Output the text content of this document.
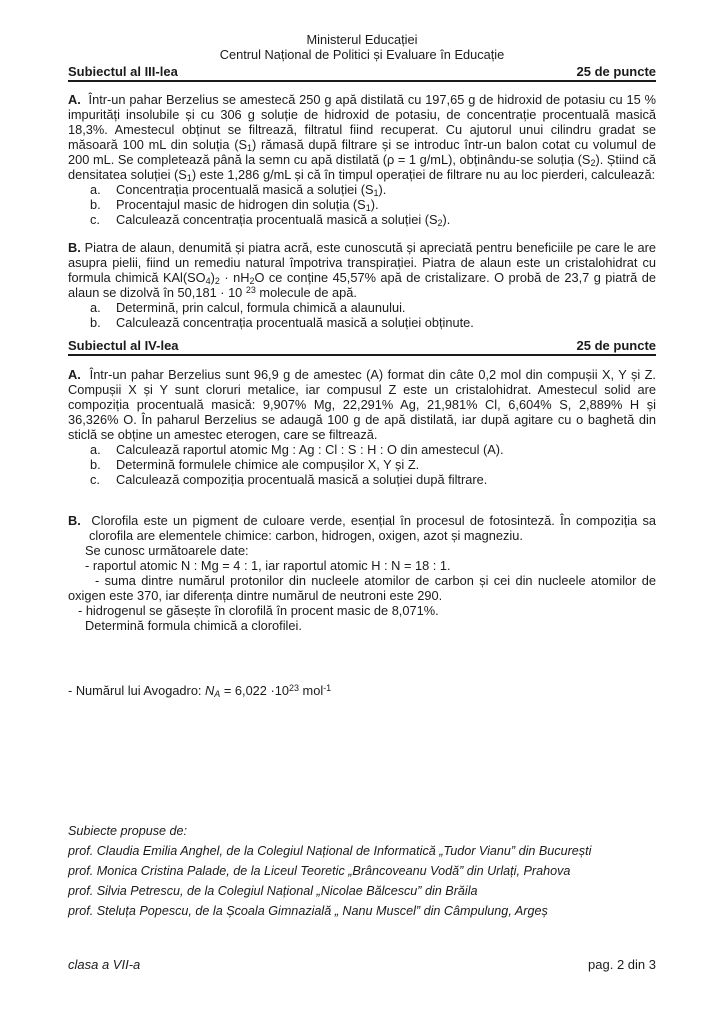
Ministerul Educației
Centrul Național de Politici și Evaluare în Educație
Subiectul al III-lea	25 de puncte

A.  Într-un pahar Berzelius se amestecă 250 g apă distilată cu 197,65 g de hidroxid de potasiu cu 15 % impurități insolubile și cu 306 g soluție de hidroxid de potasiu, de concentrație procentuală masică 18,3%. Amestecul obținut se filtrează, filtratul fiind recuperat. Cu ajutorul unui cilindru gradat se măsoară 100 mL din soluția $(S_1)$ rămasă după filtrare și se introduc într-un balon cotat cu volumul de 200 mL. Se completează până la semn cu apă distilată (ρ = 1 g/mL), obținându-se soluția $(S_2)$. Știind că densitatea soluției $(S_1)$ este 1,286 g/mL și că în timpul operației de filtrare nu au loc pierderi, calculează:

a.	Concentrația procentuală masică a soluției $(S_1)$.
b.	Procentajul masic de hidrogen din soluția $(S_1)$.
c.	Calculează concentrația procentuală masică a soluției $(S_2)$.

B. Piatra de alaun, denumită și piatra acră, este cunoscută și apreciată pentru beneficiile pe care le are asupra pielii, fiind un remediu natural împotriva transpirației. Piatra de alaun este un cristalohidrat cu formula chimică $KAl(SO_4)_2 \cdot nH_2O$ ce conține 45,57% apă de cristalizare. O probă de 23,7 g piatră de alaun se dizolvă în 50,181 · 10 $^{23}$ molecule de apă.

a.	Determină, prin calcul, formula chimică a alaunului.
b.	Calculează concentrația procentuală masică a soluției obținute.
Subiectul al IV-lea	25 de puncte

A.  Într-un pahar Berzelius sunt 96,9 g de amestec (A) format din câte 0,2 mol din compușii X, Y și Z. Compușii X și Y sunt cloruri metalice, iar compusul Z este un cristalohidrat. Amestecul solid are compoziția procentuală masică: 9,907% Mg, 22,291% Ag, 21,981% Cl, 6,604% S, 2,889% H și 36,326% O. În paharul Berzelius se adaugă 100 g de apă distilată, iar după agitare cu o baghetă din sticlă se obține un amestec eterogen, care se filtrează.

a.	Calculează raportul atomic Mg : Ag : Cl : S : H : O din amestecul (A).
b.	Determină formulele chimice ale compușilor X, Y și Z.
c.	Calculează compoziția procentuală masică a soluției după filtrare.

B.  Clorofila este un pigment de culoare verde, esențial în procesul de fotosinteză. În compoziția sa clorofila are elementele chimice: carbon, hidrogen, oxigen, azot și magneziu.

Se cunosc următoarele date:
- raportul atomic N : Mg = 4 : 1, iar raportul atomic H : N = 18 : 1.
- suma dintre numărul protonilor din nucleele atomilor de carbon și cei din nucleele atomilor de oxigen este 370, iar diferența dintre numărul de neutroni este 290.
- hidrogenul se găsește în clorofilă în procent masic de 8,071%.
Determină formula chimică a clorofilei.
- Numărul lui Avogadro: $N_A = 6,022 \cdot 10^{23}$ mol$^{-1}$
Subiecte propuse de:
prof. Claudia Emilia Anghel, de la Colegiul Național de Informatică „Tudor Vianu” din București
prof. Monica Cristina Palade, de la Liceul Teoretic „Brâncoveanu Vodă” din Urlați, Prahova
prof. Silvia Petrescu, de la Colegiul Național „Nicolae Bălcescu” din Brăila
prof. Steluța Popescu, de la Școala Gimnazială „ Nanu Muscel” din Câmpulung, Argeș
clasa a VII-a	pag. 2 din 3
